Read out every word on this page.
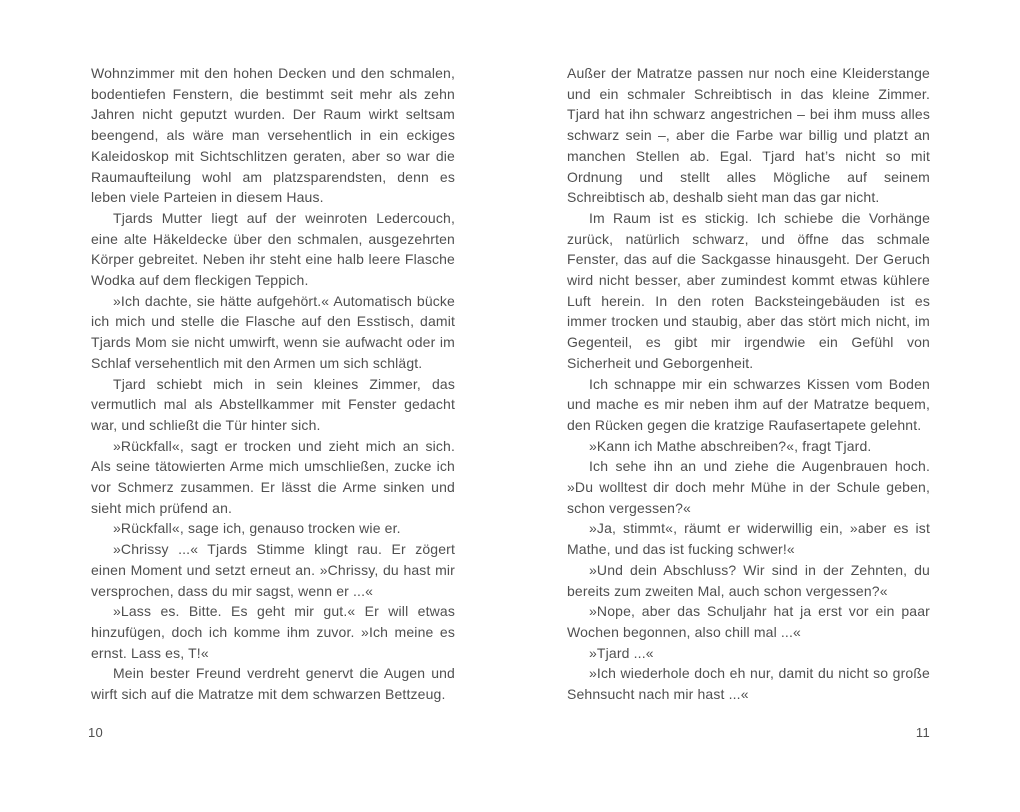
Wohnzimmer mit den hohen Decken und den schmalen, bodentiefen Fenstern, die bestimmt seit mehr als zehn Jahren nicht geputzt wurden. Der Raum wirkt seltsam beengend, als wäre man versehentlich in ein eckiges Kaleidoskop mit Sichtschlitzen geraten, aber so war die Raumaufteilung wohl am platzsparendsten, denn es leben viele Parteien in diesem Haus.

Tjards Mutter liegt auf der weinroten Ledercouch, eine alte Häkeldecke über den schmalen, ausgezehrten Körper gebreitet. Neben ihr steht eine halb leere Flasche Wodka auf dem fleckigen Teppich.

»Ich dachte, sie hätte aufgehört.« Automatisch bücke ich mich und stelle die Flasche auf den Esstisch, damit Tjards Mom sie nicht umwirft, wenn sie aufwacht oder im Schlaf versehentlich mit den Armen um sich schlägt.

Tjard schiebt mich in sein kleines Zimmer, das vermutlich mal als Abstellkammer mit Fenster gedacht war, und schließt die Tür hinter sich.

»Rückfall«, sagt er trocken und zieht mich an sich. Als seine tätowierten Arme mich umschließen, zucke ich vor Schmerz zusammen. Er lässt die Arme sinken und sieht mich prüfend an.

»Rückfall«, sage ich, genauso trocken wie er.

»Chrissy ...« Tjards Stimme klingt rau. Er zögert einen Moment und setzt erneut an. »Chrissy, du hast mir versprochen, dass du mir sagst, wenn er ...«

»Lass es. Bitte. Es geht mir gut.« Er will etwas hinzufügen, doch ich komme ihm zuvor. »Ich meine es ernst. Lass es, T!«

Mein bester Freund verdreht genervt die Augen und wirft sich auf die Matratze mit dem schwarzen Bettzeug.

10

Außer der Matratze passen nur noch eine Kleiderstange und ein schmaler Schreibtisch in das kleine Zimmer. Tjard hat ihn schwarz angestrichen – bei ihm muss alles schwarz sein –, aber die Farbe war billig und platzt an manchen Stellen ab. Egal. Tjard hat’s nicht so mit Ordnung und stellt alles Mögliche auf seinem Schreibtisch ab, deshalb sieht man das gar nicht.

Im Raum ist es stickig. Ich schiebe die Vorhänge zurück, natürlich schwarz, und öffne das schmale Fenster, das auf die Sackgasse hinausgeht. Der Geruch wird nicht besser, aber zumindest kommt etwas kühlere Luft herein. In den roten Backsteingebäuden ist es immer trocken und staubig, aber das stört mich nicht, im Gegenteil, es gibt mir irgendwie ein Gefühl von Sicherheit und Geborgenheit.

Ich schnappe mir ein schwarzes Kissen vom Boden und mache es mir neben ihm auf der Matratze bequem, den Rücken gegen die kratzige Raufasertapete gelehnt.

»Kann ich Mathe abschreiben?«, fragt Tjard.

Ich sehe ihn an und ziehe die Augenbrauen hoch. »Du wolltest dir doch mehr Mühe in der Schule geben, schon vergessen?«

»Ja, stimmt«, räumt er widerwillig ein, »aber es ist Mathe, und das ist fucking schwer!«

»Und dein Abschluss? Wir sind in der Zehnten, du bereits zum zweiten Mal, auch schon vergessen?«

»Nope, aber das Schuljahr hat ja erst vor ein paar Wochen begonnen, also chill mal ...«

»Tjard ...«

»Ich wiederhole doch eh nur, damit du nicht so große Sehnsucht nach mir hast ...«

11
